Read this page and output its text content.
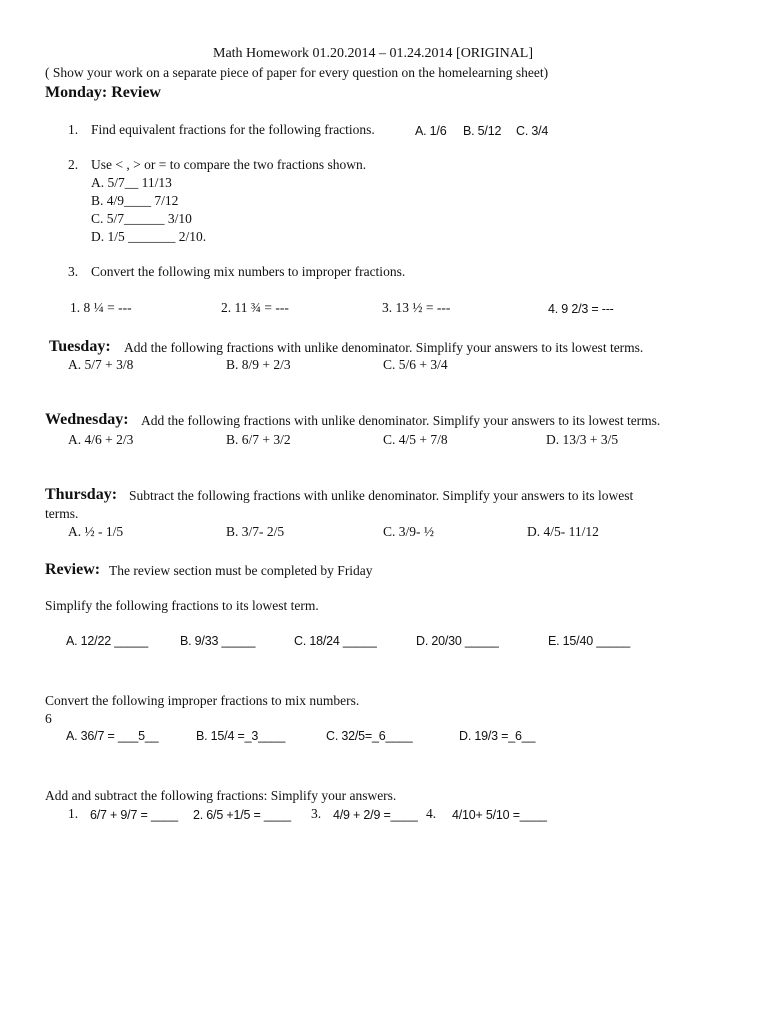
Math Homework 01.20.2014 – 01.24.2014 [ORIGINAL]
( Show your work on a separate piece of paper for every question on the homelearning sheet)
Monday: Review
1. Find equivalent fractions for the following fractions.	A. 1/6 B. 5/12 C. 3/4
2. Use < , > or = to compare the two fractions shown.
A. 5/7__ 11/13
B. 4/9____ 7/12
C. 5/7______ 3/10
D. 1/5 _______ 2/10.
3. Convert the following mix numbers to improper fractions.
1. 8 ¼ = ---	2. 11 ¾ = ---	3. 13 ½ = ---	4. 9 2/3 = ---
Tuesday: Add the following fractions with unlike denominator. Simplify your answers to its lowest terms.
A. 5/7 + 3/8	B. 8/9 + 2/3	C. 5/6 + 3/4
Wednesday: Add the following fractions with unlike denominator. Simplify your answers to its lowest terms.
A. 4/6 + 2/3	B. 6/7 + 3/2	C. 4/5 + 7/8	D. 13/3 + 3/5
Thursday: Subtract the following fractions with unlike denominator. Simplify your answers to its lowest
terms.
A. ½ - 1/5	B. 3/7- 2/5	C. 3/9- ½	D. 4/5- 11/12
Review: The review section must be completed by Friday
Simplify the following fractions to its lowest term.
A. 12/22 _____	B. 9/33 _____	C. 18/24 _____	D. 20/30 _____	E. 15/40 _____
Convert the following improper fractions to mix numbers.
6
A. 36/7 = ___5__	B. 15/4 =_3____	C. 32/5=_6____	D. 19/3 =_6__
Add and subtract the following fractions: Simplify your answers.
1. 6/7 + 9/7 = ____ 2. 6/5 +1/5 = ____ 3. 4/9 + 2/9 =____ 4. 4/10+ 5/10 =____
